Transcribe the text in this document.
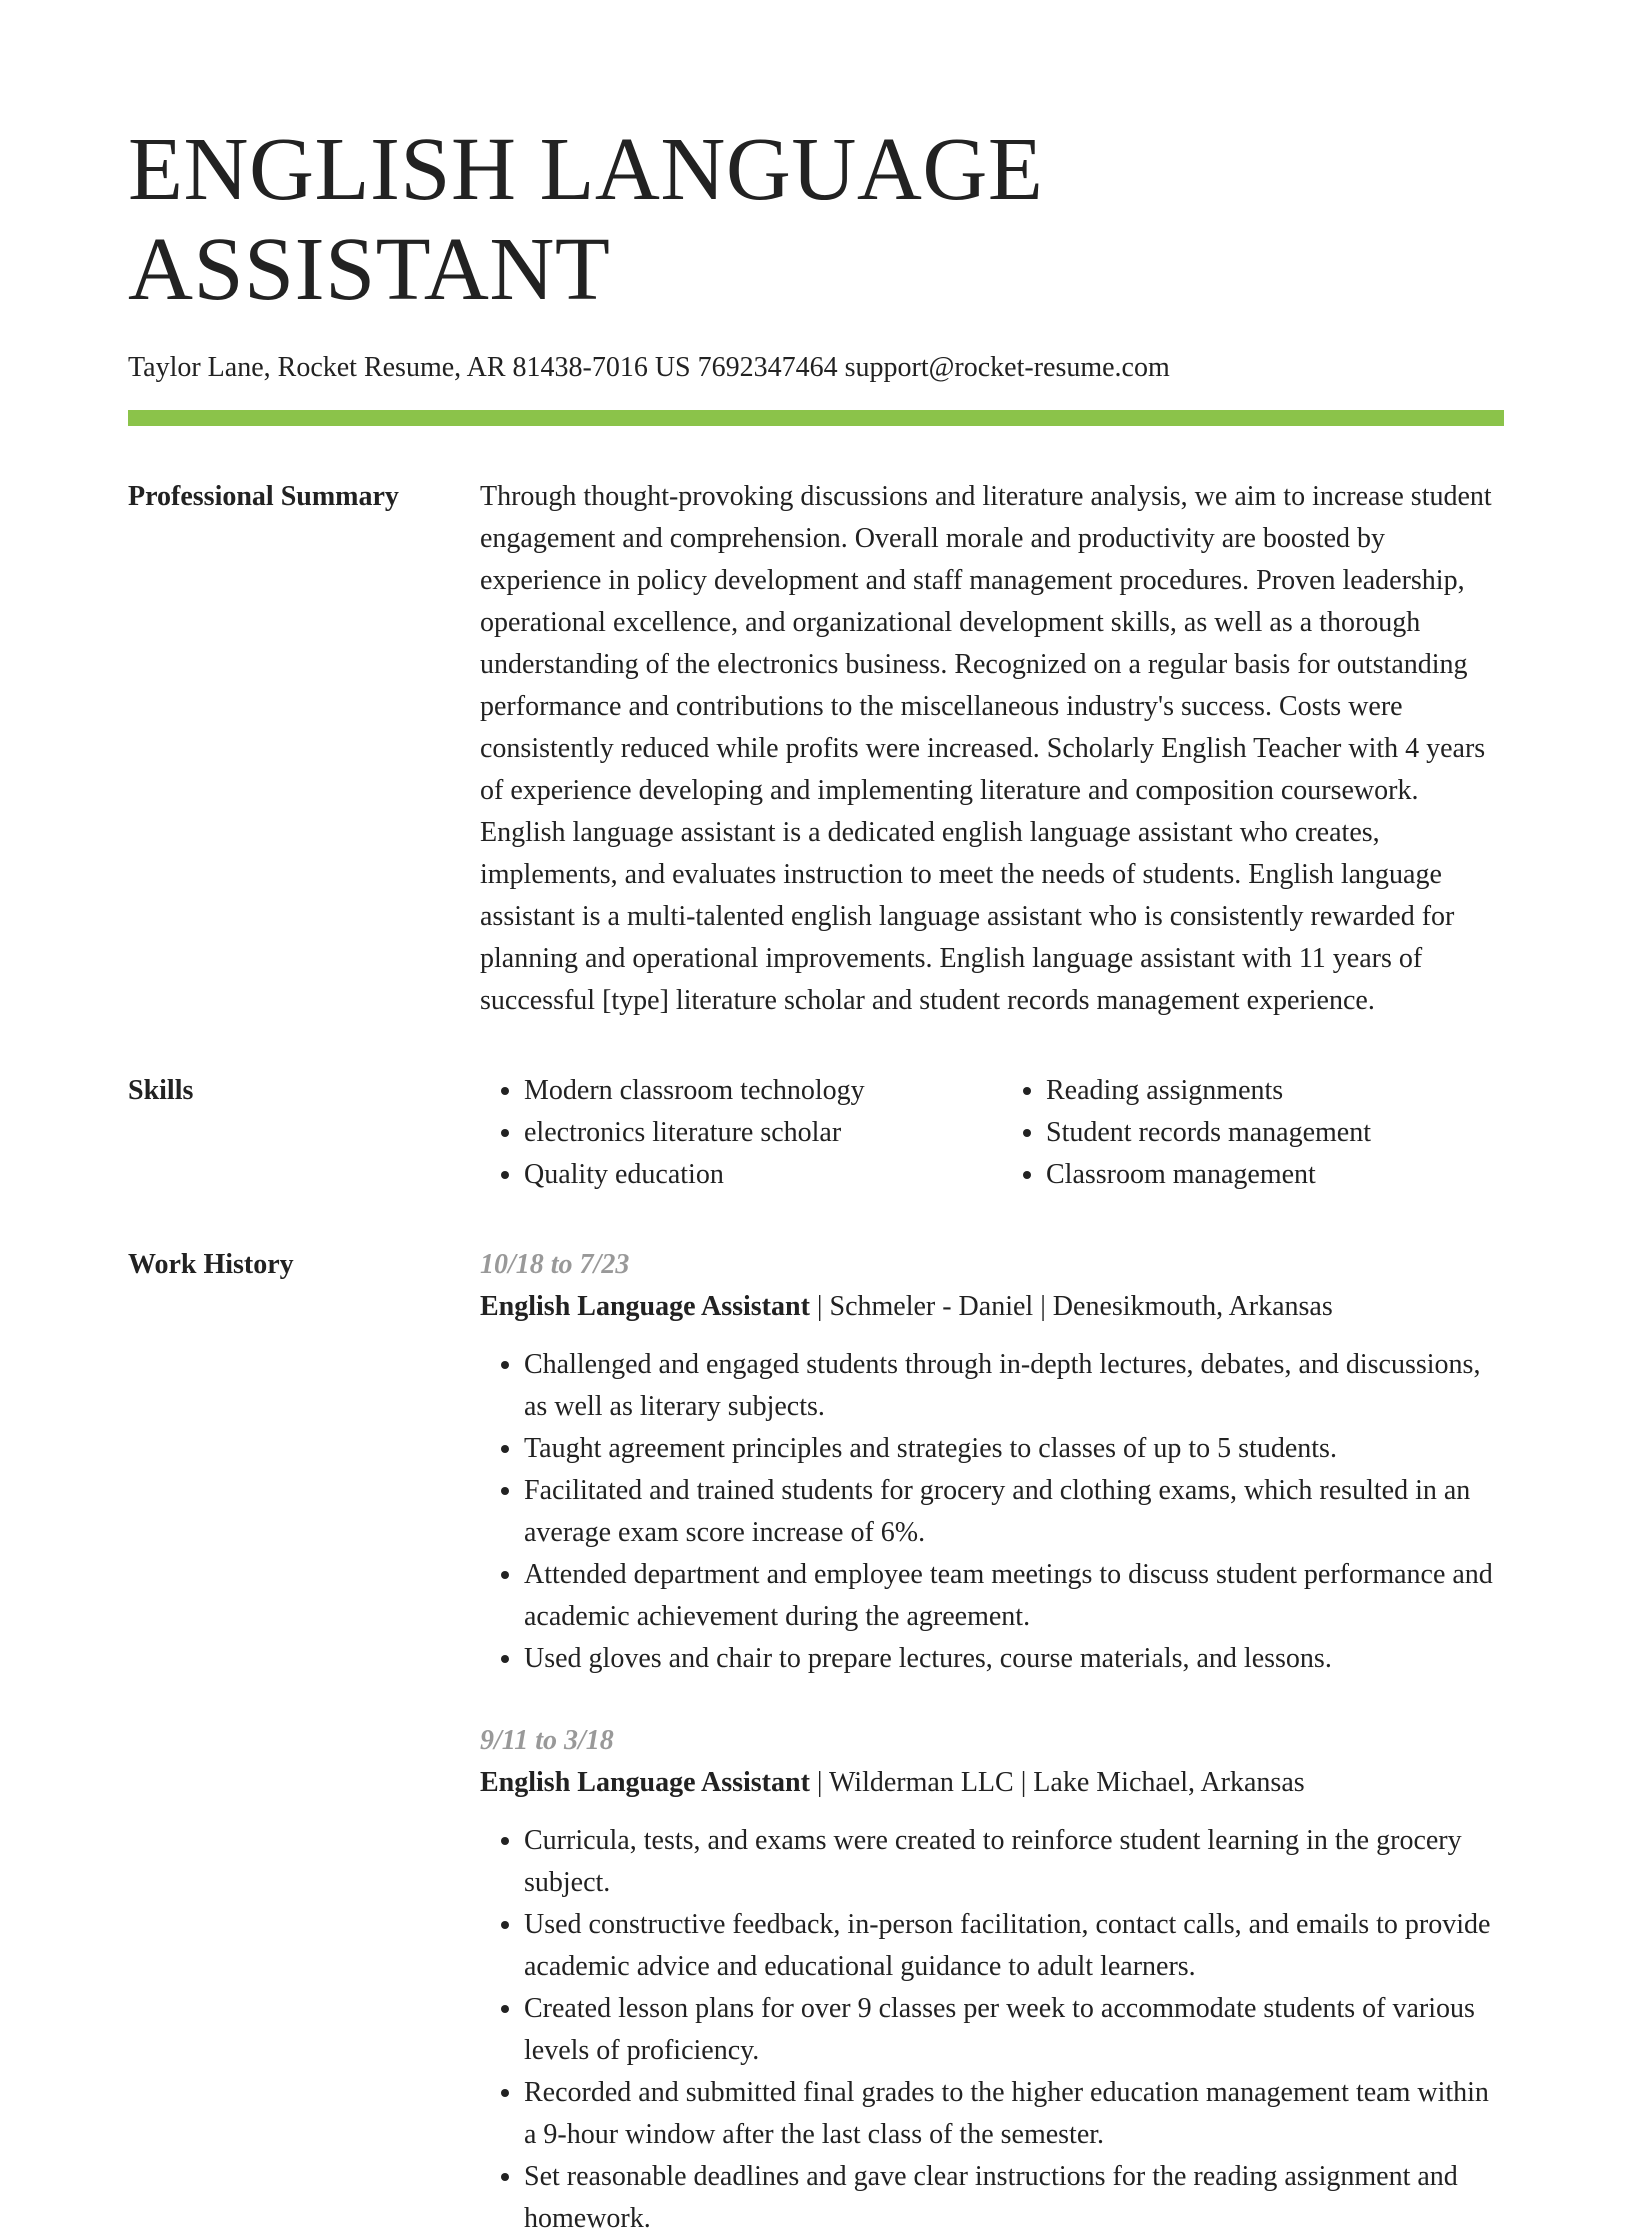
ENGLISH LANGUAGE ASSISTANT
Taylor Lane, Rocket Resume, AR 81438-7016 US 7692347464 support@rocket-resume.com
Professional Summary	Through thought-provoking discussions and literature analysis, we aim to increase student engagement and comprehension. Overall morale and productivity are boosted by experience in policy development and staff management procedures. Proven leadership, operational excellence, and organizational development skills, as well as a thorough understanding of the electronics business. Recognized on a regular basis for outstanding performance and contributions to the miscellaneous industry's success. Costs were consistently reduced while profits were increased. Scholarly English Teacher with 4 years of experience developing and implementing literature and composition coursework. English language assistant is a dedicated english language assistant who creates, implements, and evaluates instruction to meet the needs of students. English language assistant is a multi-talented english language assistant who is consistently rewarded for planning and operational improvements. English language assistant with 11 years of successful [type] literature scholar and student records management experience.

Skills
•	Modern classroom technology
• electronics literature scholar
• Quality education
• Reading assignments
• Student records management
• Classroom management
Work History	10/18 to 7/23
English Language Assistant | Schmeler - Daniel | Denesikmouth, Arkansas
• Challenged and engaged students through in-depth lectures, debates, and discussions, as well as literary subjects.
• Taught agreement principles and strategies to classes of up to 5 students.
• Facilitated and trained students for grocery and clothing exams, which resulted in an average exam score increase of 6%.
• Attended department and employee team meetings to discuss student performance and academic achievement during the agreement.
• Used gloves and chair to prepare lectures, course materials, and lessons.
9/11 to 3/18
English Language Assistant | Wilderman LLC | Lake Michael, Arkansas
• Curricula, tests, and exams were created to reinforce student learning in the grocery subject.
• Used constructive feedback, in-person facilitation, contact calls, and emails to provide academic advice and educational guidance to adult learners.
• Created lesson plans for over 9 classes per week to accommodate students of various levels of proficiency.
• Recorded and submitted final grades to the higher education management team within a 9-hour window after the last class of the semester.
• Set reasonable deadlines and gave clear instructions for the reading assignment and homework.
